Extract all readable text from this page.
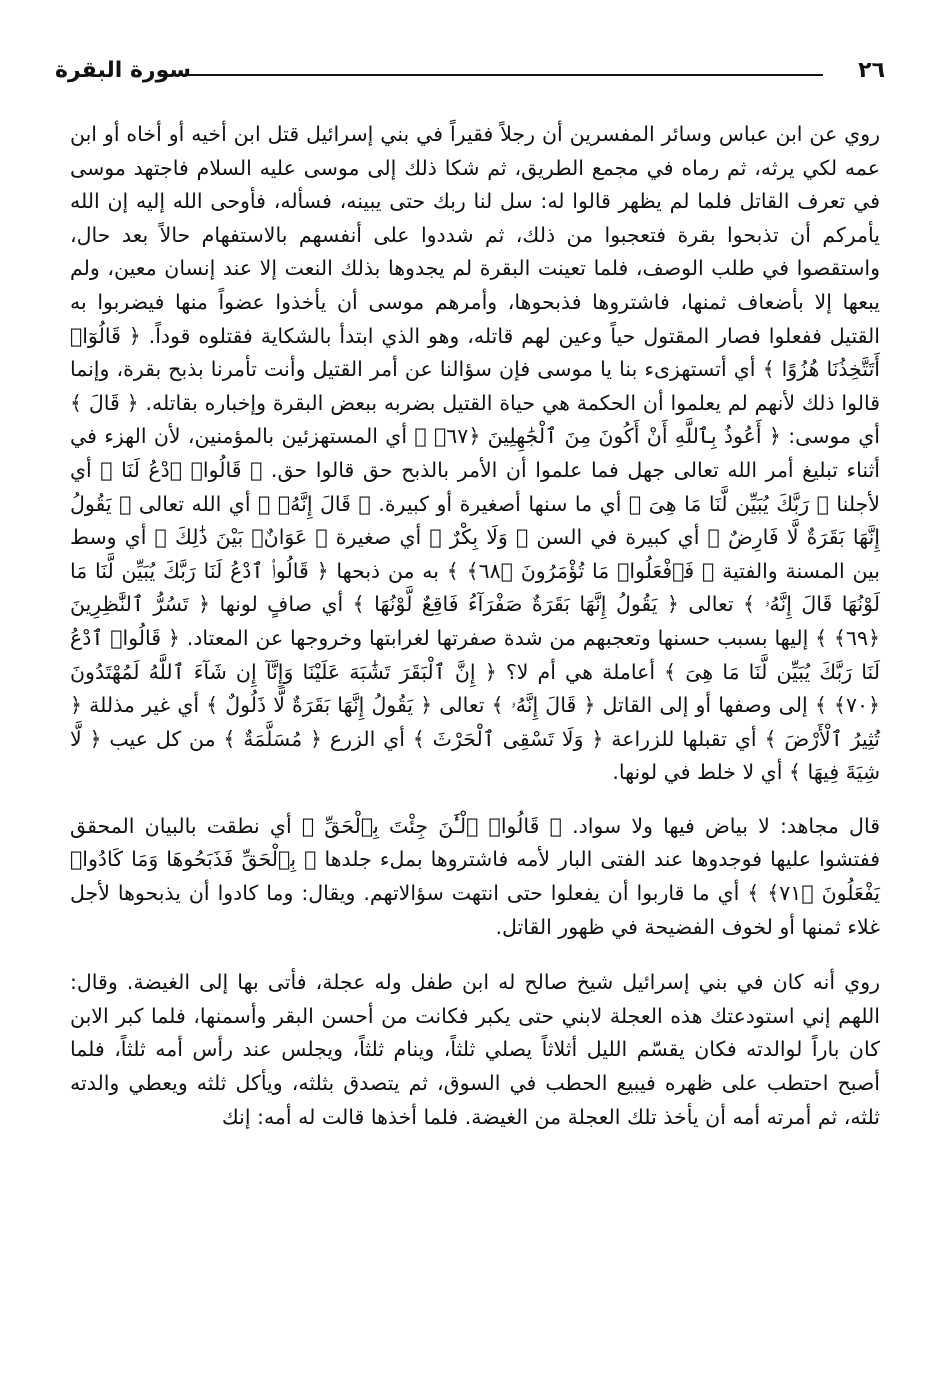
٢٦
سورة البقرة

روي عن ابن عباس وسائر المفسرين أن رجلاً فقيراً في بني إسرائيل قتل ابن أخيه أو أخاه أو ابن عمه لكي يرثه، ثم رماه في مجمع الطريق، ثم شكا ذلك إلى موسى عليه السلام فاجتهد موسى في تعرف القاتل فلما لم يظهر قالوا له: سل لنا ربك حتى يبينه، فسأله، فأوحى الله إليه إن الله يأمركم أن تذبحوا بقرة فتعجبوا من ذلك، ثم شددوا على أنفسهم بالاستفهام حالاً بعد حال، واستقصوا في طلب الوصف، فلما تعينت البقرة لم يجدوها بذلك النعت إلا عند إنسان معين، ولم يبعها إلا بأضعاف ثمنها، فاشتروها فذبحوها، وأمرهم موسى أن يأخذوا عضواً منها فيضربوا به القتيل ففعلوا فصار المقتول حياً وعين لهم قاتله، وهو الذي ابتدأ بالشكاية فقتلوه قوداً. ﴿ قَالُوٓا۟ أَتَتَّخِذُنَا هُزُوًا ﴾ أي أتستهزىء بنا يا موسى فإن سؤالنا عن أمر القتيل وأنت تأمرنا بذبح بقرة، وإنما قالوا ذلك لأنهم لم يعلموا أن الحكمة هي حياة القتيل بضربه ببعض البقرة وإخباره بقاتله. ﴿ قَالَ ﴾ أي موسى: ﴿ أَعُوذُ بِٱللَّهِ أَنْ أَكُونَ مِنَ ٱلْجَٰهِلِينَ ﴿٦٧﴾ ﴾ أي المستهزئين بالمؤمنين، لأن الهزء في أثناء تبليغ أمر الله تعالى جهل فما علموا أن الأمر بالذبح حق قالوا حق. ﴿ قَالُوا۟ ٱدْعُ لَنَا ﴾ أي لأجلنا ﴿ رَبَّكَ يُبَيِّن لَّنَا مَا هِىَ ﴾ أي ما سنها أصغيرة أو كبيرة. ﴿ قَالَ إِنَّهُۥ ﴾ أي الله تعالى ﴿ يَقُولُ إِنَّهَا بَقَرَةٌ لَّا فَارِضٌ ﴾ أي كبيرة في السن ﴿ وَلَا بِكْرٌ ﴾ أي صغيرة ﴿ عَوَانٌۢ بَيْنَ ذَٰلِكَ ﴾ أي وسط بين المسنة والفتية ﴿ فَٱفْعَلُوا۟ مَا تُؤْمَرُونَ ﴿٦٨﴾ ﴾ به من ذبحها ﴿ قَالُوا۟ ٱدْعُ لَنَا رَبَّكَ يُبَيِّن لَّنَا مَا لَوْنُهَا قَالَ إِنَّهُۥ ﴾ تعالى ﴿ يَقُولُ إِنَّهَا بَقَرَةٌ صَفْرَآءُ فَاقِعٌ لَّوْنُهَا ﴾ أي صافٍ لونها ﴿ تَسُرُّ ٱلنَّٰظِرِينَ ﴿٦٩﴾ ﴾ إليها بسبب حسنها وتعجبهم من شدة صفرتها لغرابتها وخروجها عن المعتاد. ﴿ قَالُوا۟ ٱدْعُ لَنَا رَبَّكَ يُبَيِّن لَّنَا مَا هِىَ ﴾ أعاملة هي أم لا؟ ﴿ إِنَّ ٱلْبَقَرَ تَشَٰبَهَ عَلَيْنَا وَإِنَّآ إِن شَآءَ ٱللَّهُ لَمُهْتَدُونَ ﴿٧٠﴾ ﴾ إلى وصفها أو إلى القاتل ﴿ قَالَ إِنَّهُۥ ﴾ تعالى ﴿ يَقُولُ إِنَّهَا بَقَرَةٌ لَّا ذَلُولٌ ﴾ أي غير مذللة ﴿ تُثِيرُ ٱلْأَرْضَ ﴾ أي تقبلها للزراعة ﴿ وَلَا تَسْقِى ٱلْحَرْثَ ﴾ أي الزرع ﴿ مُسَلَّمَةٌ ﴾ من كل عيب ﴿ لَّا شِيَةَ فِيهَا ﴾ أي لا خلط في لونها.

قال مجاهد: لا بياض فيها ولا سواد. ﴿ قَالُوا۟ ٱلْـَٰٔنَ جِئْتَ بِٱلْحَقِّ ﴾ أي نطقت بالبيان المحقق ففتشوا عليها فوجدوها عند الفتى البار لأمه فاشتروها بملء جلدها ﴿ بِٱلْحَقِّ فَذَبَحُوهَا وَمَا كَادُوا۟ يَفْعَلُونَ ﴿٧١﴾ ﴾ أي ما قاربوا أن يفعلوا حتى انتهت سؤالاتهم. ويقال: وما كادوا أن يذبحوها لأجل غلاء ثمنها أو لخوف الفضيحة في ظهور القاتل.

روي أنه كان في بني إسرائيل شيخ صالح له ابن طفل وله عجلة، فأتى بها إلى الغيضة. وقال: اللهم إني استودعتك هذه العجلة لابني حتى يكبر فكانت من أحسن البقر وأسمنها، فلما كبر الابن كان باراً لوالدته فكان يقسّم الليل أثلاثاً يصلي ثلثاً، وينام ثلثاً، ويجلس عند رأس أمه ثلثاً، فلما أصبح احتطب على ظهره فيبيع الحطب في السوق، ثم يتصدق بثلثه، ويأكل ثلثه ويعطي والدته ثلثه، ثم أمرته أمه أن يأخذ تلك العجلة من الغيضة. فلما أخذها قالت له أمه: إنك
